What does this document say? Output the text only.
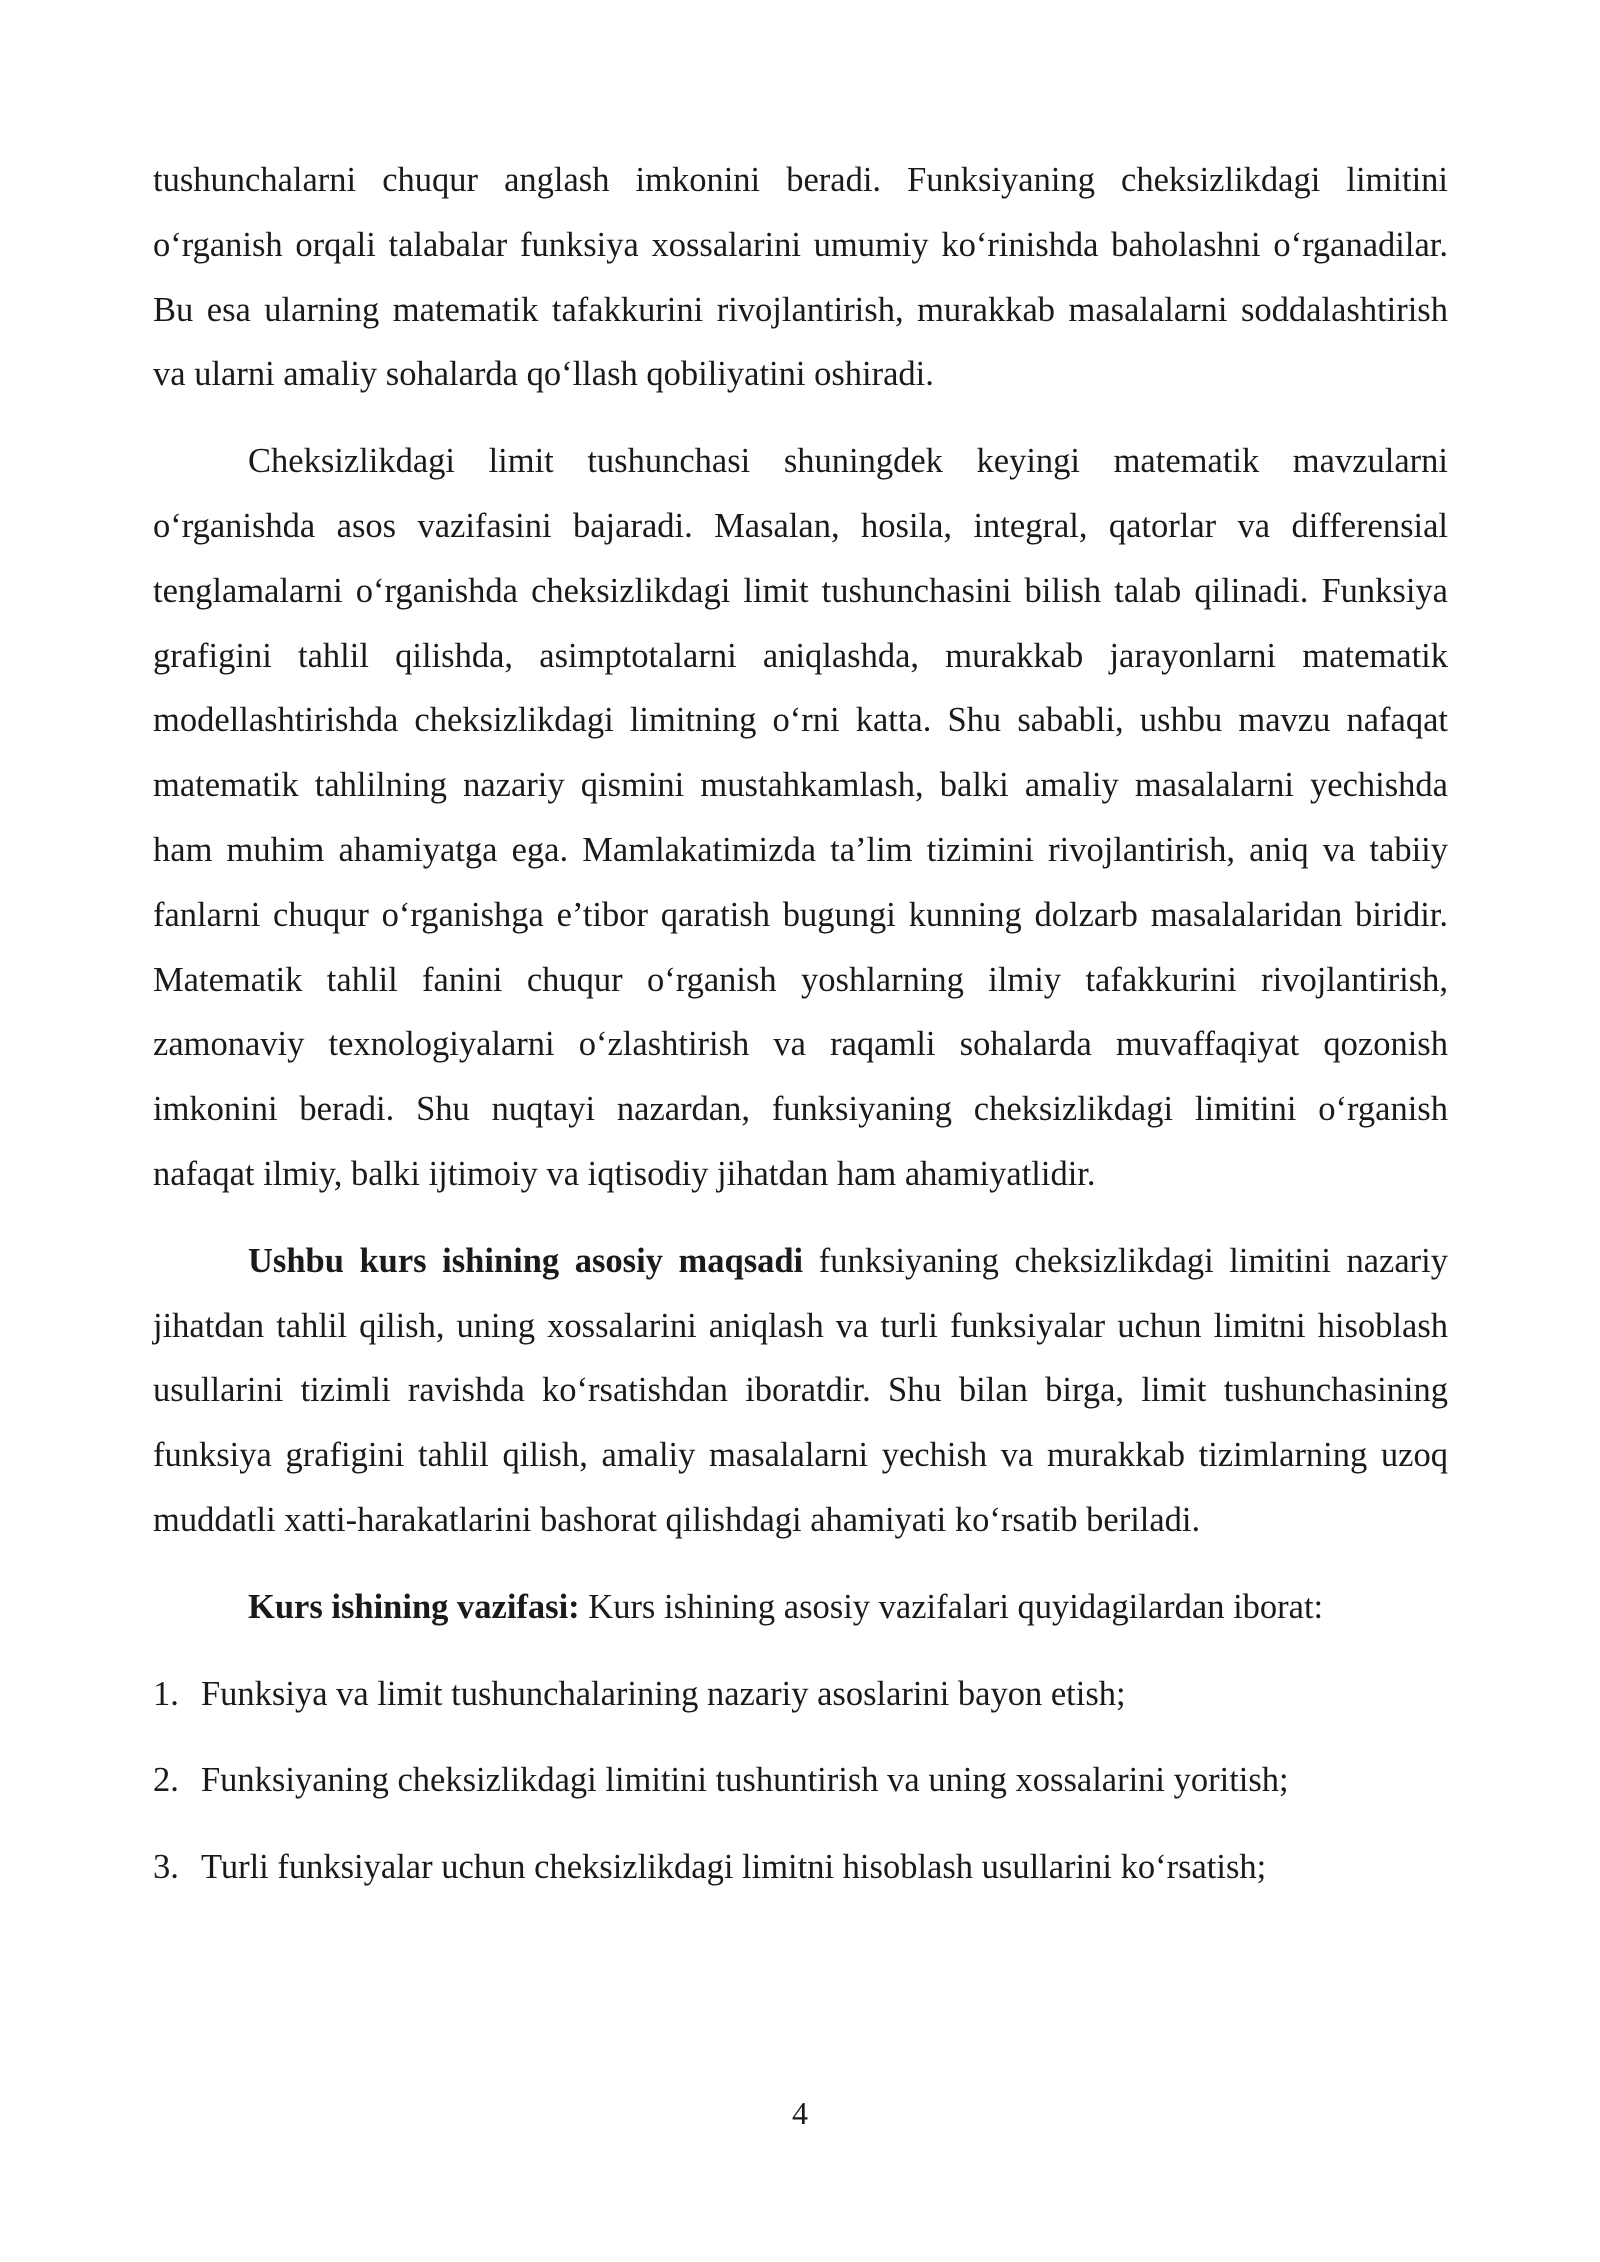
tushunchalarni chuqur anglash imkonini beradi. Funksiyaning cheksizlikdagi limitini o‘rganish orqali talabalar funksiya xossalarini umumiy ko‘rinishda baholashni o‘rganadilar. Bu esa ularning matematik tafakkurini rivojlantirish, murakkab masalalarni soddalashtirish va ularni amaliy sohalarda qo‘llash qobiliyatini oshiradi.

Cheksizlikdagi limit tushunchasi shuningdek keyingi matematik mavzularni o‘rganishda asos vazifasini bajaradi. Masalan, hosila, integral, qatorlar va differensial tenglamalarni o‘rganishda cheksizlikdagi limit tushunchasini bilish talab qilinadi. Funksiya grafigini tahlil qilishda, asimptotalarni aniqlashda, murakkab jarayonlarni matematik modellashtirishda cheksizlikdagi limitning o‘rni katta. Shu sababli, ushbu mavzu nafaqat matematik tahlilning nazariy qismini mustahkamlash, balki amaliy masalalarni yechishda ham muhim ahamiyatga ega. Mamlakatimizda ta’lim tizimini rivojlantirish, aniq va tabiiy fanlarni chuqur o‘rganishga e’tibor qaratish bugungi kunning dolzarb masalalaridan biridir. Matematik tahlil fanini chuqur o‘rganish yoshlarning ilmiy tafakkurini rivojlantirish, zamonaviy texnologiyalarni o‘zlashtirish va raqamli sohalarda muvaffaqiyat qozonish imkonini beradi. Shu nuqtayi nazardan, funksiyaning cheksizlikdagi limitini o‘rganish nafaqat ilmiy, balki ijtimoiy va iqtisodiy jihatdan ham ahamiyatlidir.

Ushbu kurs ishining asosiy maqsadi funksiyaning cheksizlikdagi limitini nazariy jihatdan tahlil qilish, uning xossalarini aniqlash va turli funksiyalar uchun limitni hisoblash usullarini tizimli ravishda ko‘rsatishdan iboratdir. Shu bilan birga, limit tushunchasining funksiya grafigini tahlil qilish, amaliy masalalarni yechish va murakkab tizimlarning uzoq muddatli xatti-harakatlarini bashorat qilishdagi ahamiyati ko‘rsatib beriladi.

Kurs ishining vazifasi: Kurs ishining asosiy vazifalari quyidagilardan iborat:

1. Funksiya va limit tushunchalarining nazariy asoslarini bayon etish;
2. Funksiyaning cheksizlikdagi limitini tushuntirish va uning xossalarini yoritish;
3. Turli funksiyalar uchun cheksizlikdagi limitni hisoblash usullarini ko‘rsatish;
4
